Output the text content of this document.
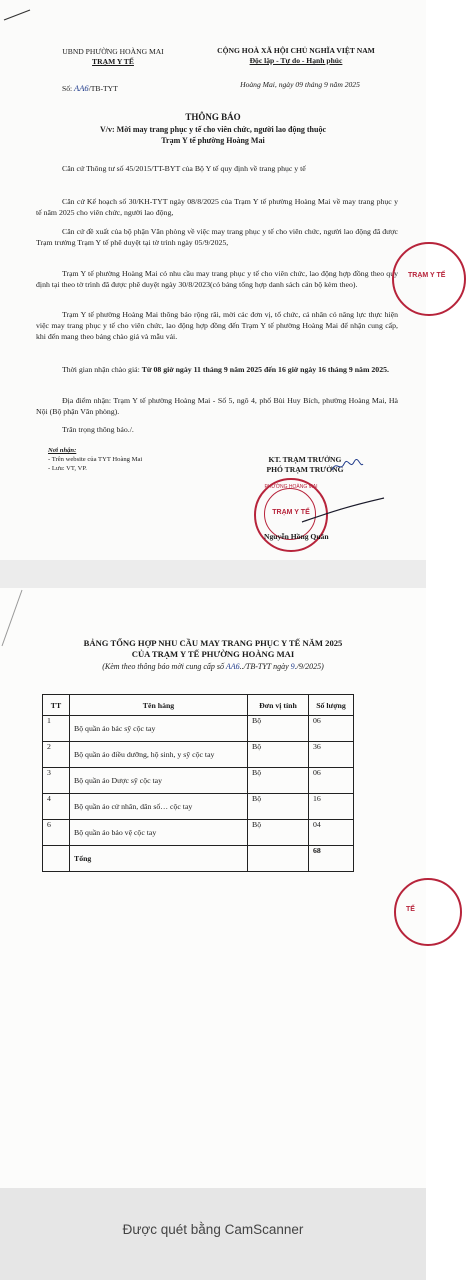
UBND PHƯỜNG HOÀNG MAI
TRẠM Y TẾ
Số: AA6/TB-TYT
CỘNG HOÀ XÃ HỘI CHỦ NGHĨA VIỆT NAM
Độc lập - Tự do - Hạnh phúc
Hoàng Mai, ngày 09 tháng 9 năm 2025
THÔNG BÁO
V/v: Mời may trang phục y tế cho viên chức, người lao động thuộc
Trạm Y tế phường Hoàng Mai
Căn cứ Thông tư số 45/2015/TT-BYT của Bộ Y tế quy định về trang phục y tế
Căn cứ Kế hoạch số 30/KH-TYT ngày 08/8/2025 của Trạm Y tế phường Hoàng Mai về may trang phục y tế năm 2025 cho viên chức, người lao động,
Căn cứ đề xuất của bộ phận Văn phòng về việc may trang phục y tế cho viên chức, người lao động đã được Trạm trưởng Trạm Y tế phê duyệt tại tờ trình ngày 05/9/2025,
Trạm Y tế phường Hoàng Mai có nhu cầu may trang phục y tế cho viên chức, lao động hợp đồng theo quy định tại theo tờ trình đã được phê duyệt ngày 30/8/2023(có bảng tổng hợp danh sách cán bộ kèm theo).
Trạm Y tế phường Hoàng Mai thông báo rộng rãi, mời các đơn vị, tổ chức, cá nhân có năng lực thực hiện việc may trang phục y tế cho viên chức, lao động hợp đồng đến Trạm Y tế phường Hoàng Mai để nhận cung cấp, khi đến mang theo bảng chào giá và mẫu vải.
Thời gian nhận chào giá: Từ 08 giờ ngày 11 tháng 9 năm 2025 đến 16 giờ ngày 16 tháng 9 năm 2025.
Địa điểm nhận: Trạm Y tế phường Hoàng Mai - Số 5, ngõ 4, phố Bùi Huy Bích, phường Hoàng Mai, Hà Nội (Bộ phận Văn phòng).
Trân trọng thông báo./.
Nơi nhận:
- Trên website của TYT Hoàng Mai
- Lưu: VT, VP.
KT. TRẠM TRƯỞNG
PHÓ TRẠM TRƯỞNG
PHƯỜNG HOÀNG MAI
TRẠM Y TẾ
Nguyễn Hồng Quân
TRẠM Y TẾ
BẢNG TỔNG HỢP NHU CẦU MAY TRANG PHỤC Y TẾ NĂM 2025
CỦA TRẠM Y TẾ PHƯỜNG HOÀNG MAI
(Kèm theo thông báo mời cung cấp số AA6../TB-TYT ngày 9./9/2025)
TT	Tên hàng	Đơn vị tính	Số lượng
1	Bộ quần áo bác sỹ cộc tay	Bộ	06
2	Bộ quần áo điều dưỡng, hộ sinh, y sỹ cộc tay	Bộ	36
3	Bộ quần áo Dược sỹ cộc tay	Bộ	06
4	Bộ quần áo cử nhân, dân số… cộc tay	Bộ	16
6	Bộ quần áo bảo vệ cộc tay	Bộ	04
	Tổng		68
TẾ
Được quét bằng CamScanner
